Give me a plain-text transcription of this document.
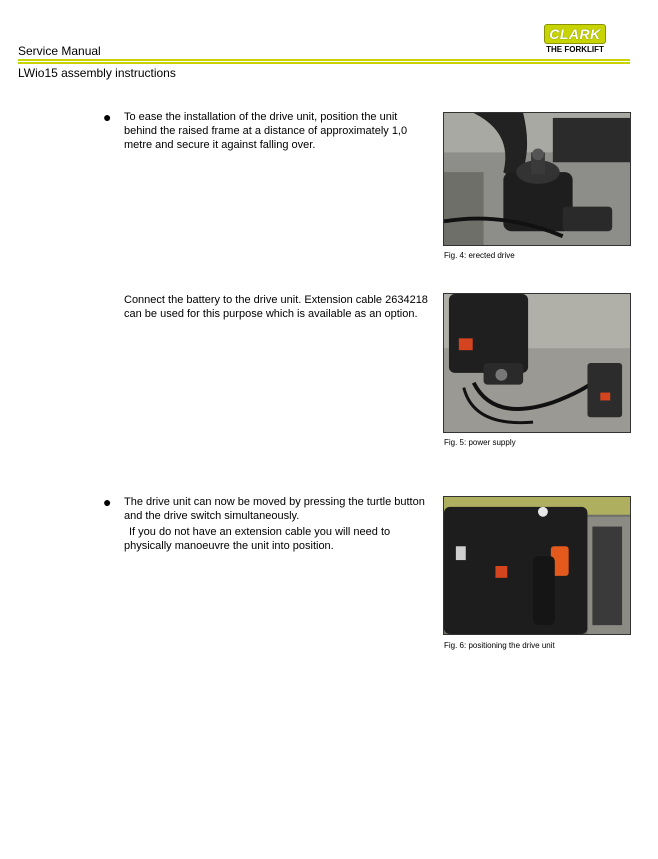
Service Manual
LWio15 assembly instructions
CLARK
THE FORKLIFT
● To ease the installation of the drive unit, position the unit behind the raised frame at a distance of approximately 1,0 metre and secure it against falling over.

Fig. 4: erected drive

Connect the battery to the drive unit. Extension cable 2634218 can be used for this purpose which is available as an option.

Fig. 5: power supply
● The drive unit can now be moved by pressing the turtle button and the drive switch simultaneously.

If you do not have an extension cable you will need to physically manoeuvre the unit into position.

Fig. 6: positioning the drive unit
